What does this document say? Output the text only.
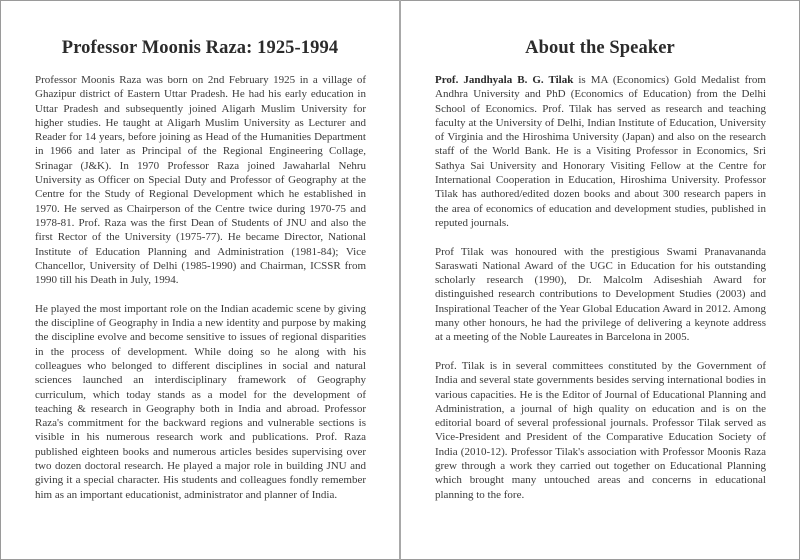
Professor Moonis Raza: 1925-1994

Professor Moonis Raza was born on 2nd February 1925 in a village of Ghazipur district of Eastern Uttar Pradesh. He had his early education in Uttar Pradesh and subsequently joined Aligarh Muslim University for higher studies. He taught at Aligarh Muslim University as Lecturer and Reader for 14 years, before joining as Head of the Humanities Department in 1966 and later as Principal of the Regional Engineering Collage, Srinagar (J&K). In 1970 Professor Raza joined Jawaharlal Nehru University as Officer on Special Duty and Professor of Geography at the Centre for the Study of Regional Development which he established in 1970. He served as Chairperson of the Centre twice during 1970-75 and 1978-81. Prof. Raza was the first Dean of Students of JNU and also the first Rector of the University (1975-77). He became Director, National Institute of Education Planning and Administration (1981-84); Vice Chancellor, University of Delhi (1985-1990) and Chairman, ICSSR from 1990 till his Death in July, 1994.

He played the most important role on the Indian academic scene by giving the discipline of Geography in India a new identity and purpose by making the discipline evolve and become sensitive to issues of regional disparities in the process of development. While doing so he along with his colleagues who belonged to different disciplines in social and natural sciences launched an interdisciplinary framework of Geography curriculum, which today stands as a model for the development of teaching & research in Geography both in India and abroad. Professor Raza's commitment for the backward regions and vulnerable sections is visible in his numerous research work and publications. Prof. Raza published eighteen books and numerous articles besides supervising over two dozen doctoral research. He played a major role in building JNU and giving it a special character. His students and colleagues fondly remember him as an important educationist, administrator and planner of India.

About the Speaker

Prof. Jandhyala B. G. Tilak is MA (Economics) Gold Medalist from Andhra University and PhD (Economics of Education) from the Delhi School of Economics. Prof. Tilak has served as research and teaching faculty at the University of Delhi, Indian Institute of Education, University of Virginia and the Hiroshima University (Japan) and also on the research staff of the World Bank. He is a Visiting Professor in Economics, Sri Sathya Sai University and Honorary Visiting Fellow at the Centre for International Cooperation in Education, Hiroshima University. Professor Tilak has authored/edited dozen books and about 300 research papers in the area of economics of education and development studies, published in reputed journals.

Prof Tilak was honoured with the prestigious Swami Pranavananda Saraswati National Award of the UGC in Education for his outstanding scholarly research (1990), Dr. Malcolm Adiseshiah Award for distinguished research contributions to Development Studies (2003) and Inspirational Teacher of the Year Global Education Award in 2012. Among many other honours, he had the privilege of delivering a keynote address at a meeting of the Noble Laureates in Barcelona in 2005.

Prof. Tilak is in several committees constituted by the Government of India and several state governments besides serving international bodies in various capacities. He is the Editor of Journal of Educational Planning and Administration, a journal of high quality on education and is on the editorial board of several professional journals. Professor Tilak served as Vice-President and President of the Comparative Education Society of India (2010-12). Professor Tilak's association with Professor Moonis Raza grew through a work they carried out together on Educational Planning which brought many untouched areas and concerns in educational planning to the fore.
